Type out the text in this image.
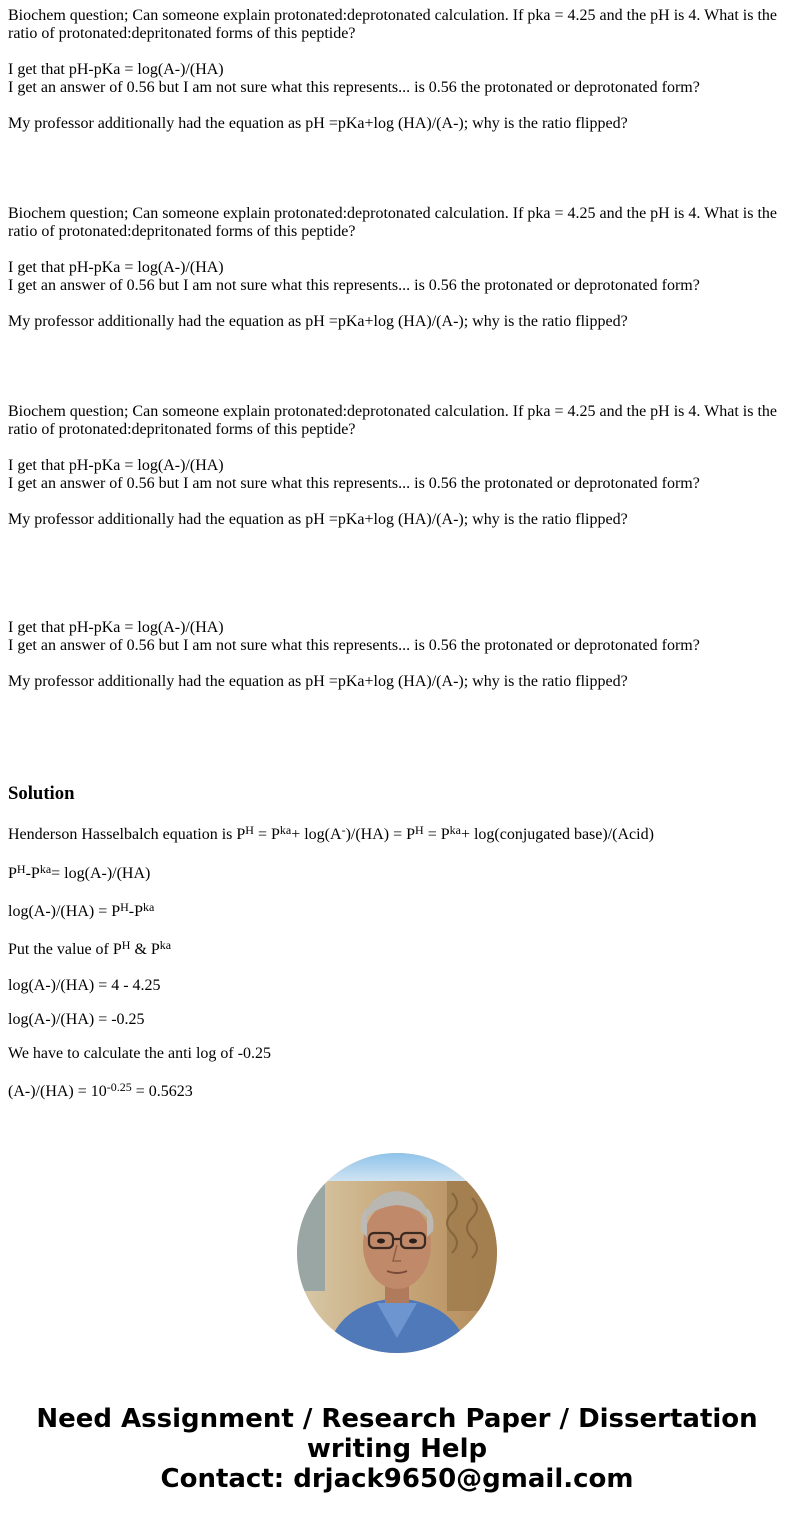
Biochem question; Can someone explain protonated:deprotonated calculation. If pka = 4.25 and the pH is 4. What is the ratio of protonated:depritonated forms of this peptide?

I get that pH-pKa = log(A-)/(HA)

I get an answer of 0.56 but I am not sure what this represents... is 0.56 the protonated or deprotonated form?

My professor additionally had the equation as pH =pKa+log (HA)/(A-); why is the ratio flipped?

Biochem question; Can someone explain protonated:deprotonated calculation. If pka = 4.25 and the pH is 4. What is the ratio of protonated:depritonated forms of this peptide?

I get that pH-pKa = log(A-)/(HA)

I get an answer of 0.56 but I am not sure what this represents... is 0.56 the protonated or deprotonated form?

My professor additionally had the equation as pH =pKa+log (HA)/(A-); why is the ratio flipped?

Biochem question; Can someone explain protonated:deprotonated calculation. If pka = 4.25 and the pH is 4. What is the ratio of protonated:depritonated forms of this peptide?

I get that pH-pKa = log(A-)/(HA)

I get an answer of 0.56 but I am not sure what this represents... is 0.56 the protonated or deprotonated form?

My professor additionally had the equation as pH =pKa+log (HA)/(A-); why is the ratio flipped?

I get that pH-pKa = log(A-)/(HA)

I get an answer of 0.56 but I am not sure what this represents... is 0.56 the protonated or deprotonated form?

My professor additionally had the equation as pH =pKa+log (HA)/(A-); why is the ratio flipped?

Solution

Henderson Hasselbalch equation is $P^H = P^{ka}+ \log(A^-)/(HA) = P^H = P^{ka}+$ log(conjugated base)/(Acid)

$P^H-P^{ka}= \log(A-)/(HA)$

$\log(A-)/(HA) = P^H-P^{ka}$

Put the value of $P^H$ & $P^{ka}$

log(A-)/(HA) = 4 - 4.25

log(A-)/(HA) = -0.25

We have to calculate the anti log of -0.25

$(A-)/(HA) = 10^{-0.25} = 0.5623$

Need Assignment / Research Paper / Dissertation
writing Help
Contact: drjack9650@gmail.com
